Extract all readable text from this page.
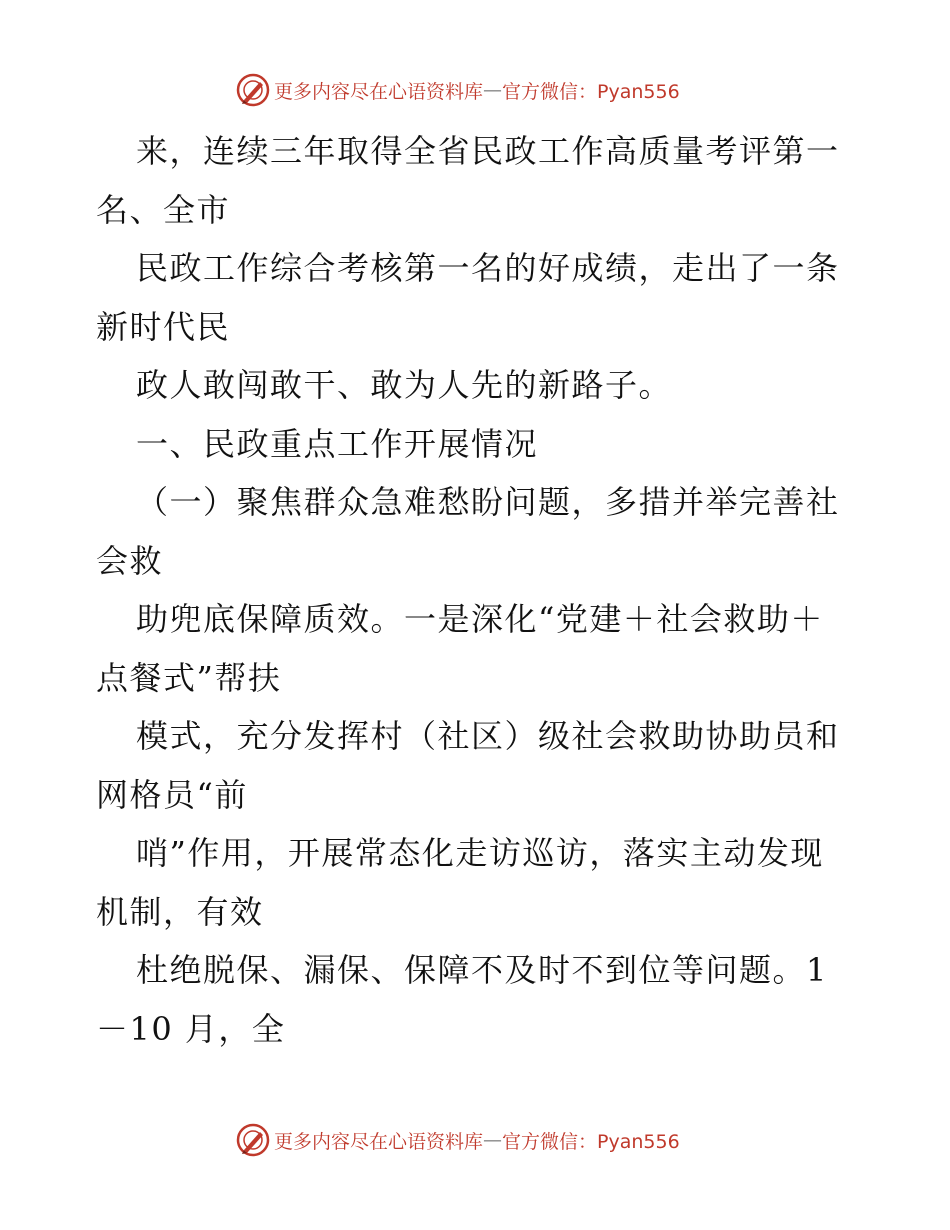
更多内容尽在心语资料库 — 官方微信：Pyan556
来，连续三年取得全省民政工作高质量考评第一
名、全市
民政工作综合考核第一名的好成绩，走出了一条
新时代民
政人敢闯敢干、敢为人先的新路子。
一、民政重点工作开展情况
（一）聚焦群众急难愁盼问题，多措并举完善社
会救
助兜底保障质效。一是深化“党建＋社会救助＋
点餐式”帮扶
模式，充分发挥村（社区）级社会救助协助员和
网格员“前
哨”作用，开展常态化走访巡访，落实主动发现
机制，有效
杜绝脱保、漏保、保障不及时不到位等问题。1
－10 月，全
更多内容尽在心语资料库 — 官方微信：Pyan556
